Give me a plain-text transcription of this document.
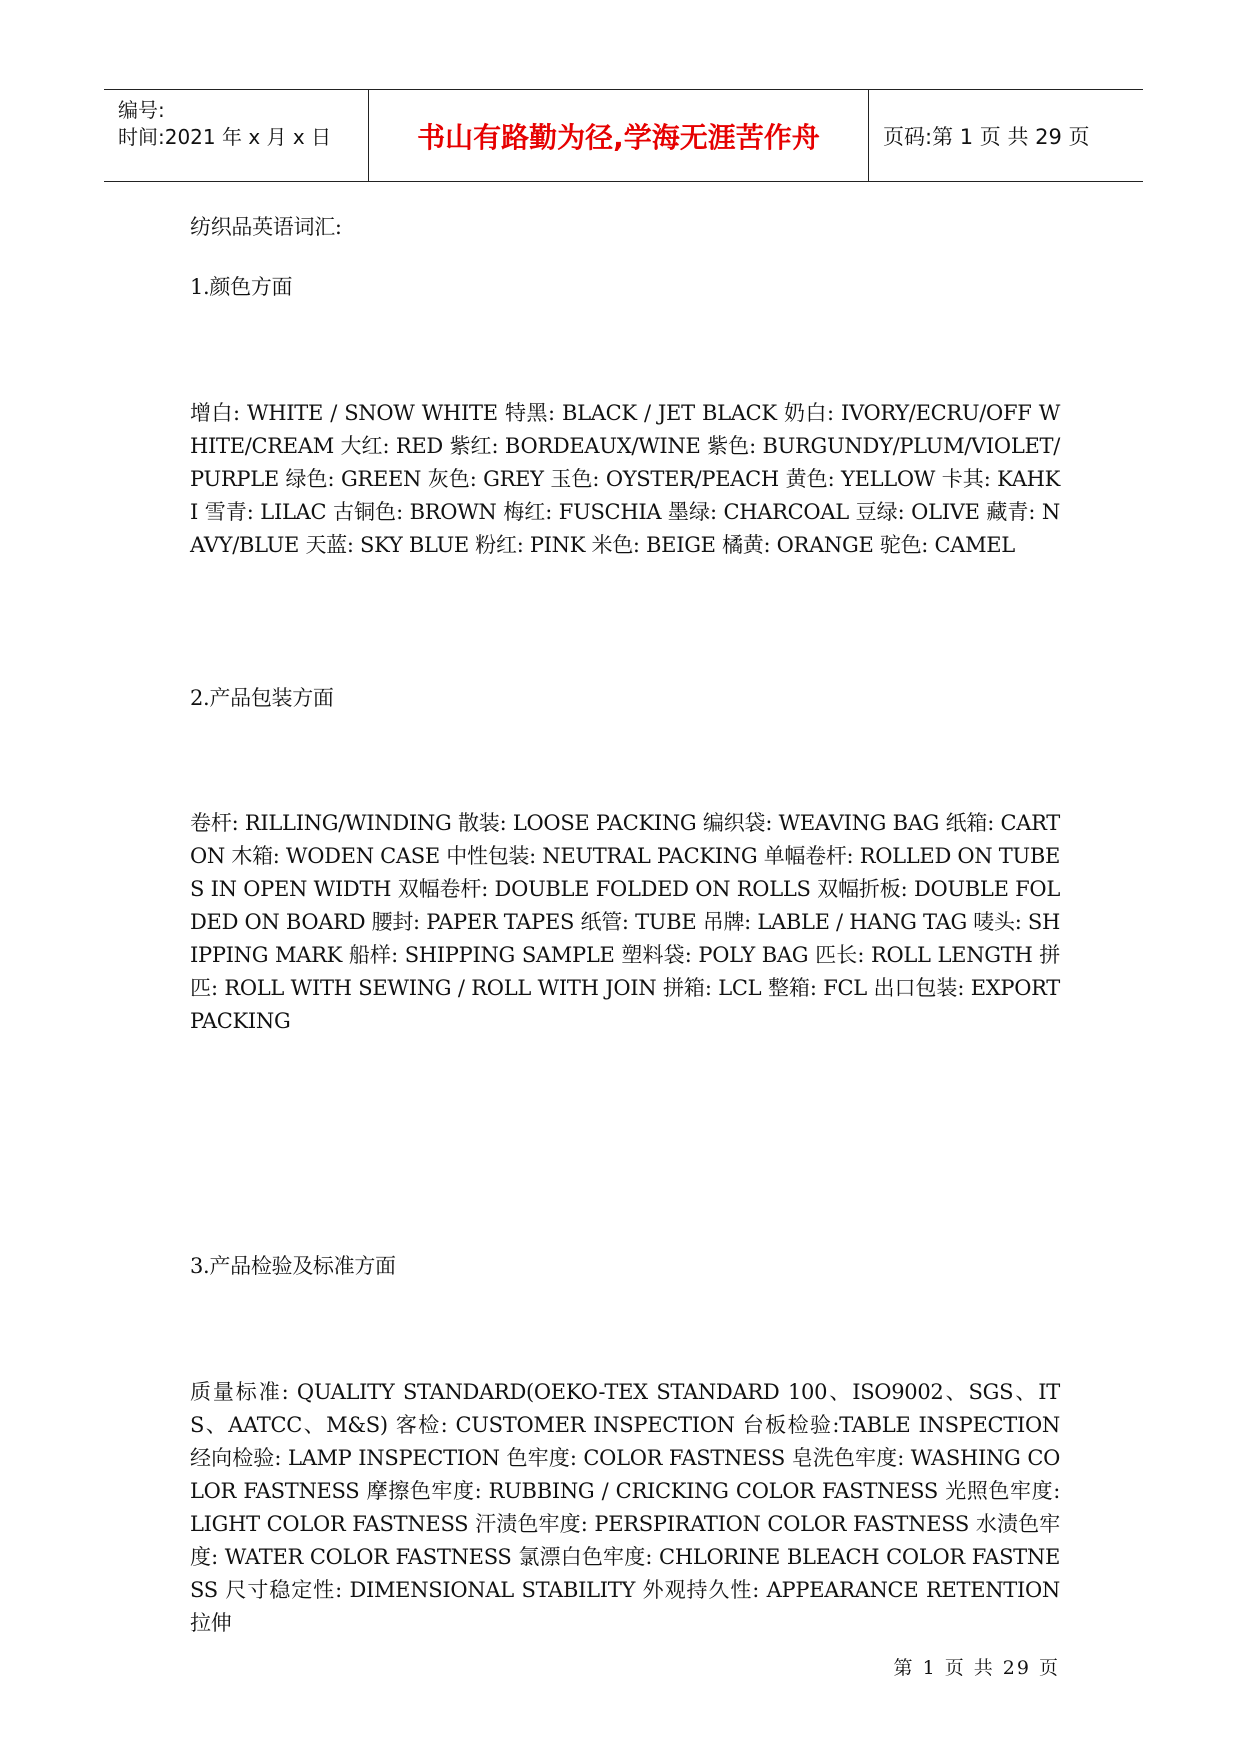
编号:
时间:2021 年 x 月 x 日	书山有路勤为径,学海无涯苦作舟	页码:第 1 页 共 29 页
纺织品英语词汇:
1.颜色方面
增白: WHITE / SNOW WHITE 特黑: BLACK / JET BLACK 奶白: IVORY/ECRU/OFF WHITE/CREAM 大红: RED 紫红: BORDEAUX/WINE 紫色: BURGUNDY/PLUM/VIOLET/PURPLE 绿色: GREEN 灰色: GREY 玉色: OYSTER/PEACH 黄色: YELLOW 卡其: KAHKI 雪青: LILAC 古铜色: BROWN 梅红: FUSCHIA 墨绿: CHARCOAL 豆绿: OLIVE 藏青: NAVY/BLUE 天蓝: SKY BLUE 粉红: PINK 米色: BEIGE 橘黄: ORANGE 驼色: CAMEL
2.产品包装方面
卷杆: RILLING/WINDING 散装: LOOSE PACKING 编织袋: WEAVING BAG 纸箱: CARTON 木箱: WODEN CASE 中性包装: NEUTRAL PACKING 单幅卷杆: ROLLED ON TUBES IN OPEN WIDTH 双幅卷杆: DOUBLE FOLDED ON ROLLS 双幅折板: DOUBLE FOLDED ON BOARD 腰封: PAPER TAPES 纸管: TUBE 吊牌: LABLE / HANG TAG 唛头: SHIPPING MARK 船样: SHIPPING SAMPLE 塑料袋: POLY BAG 匹长: ROLL LENGTH 拼匹: ROLL WITH SEWING / ROLL WITH JOIN 拼箱: LCL 整箱: FCL 出口包装: EXPORT PACKING
3.产品检验及标准方面
质量标准: QUALITY STANDARD(OEKO-TEX STANDARD 100、ISO9002、SGS、ITS、AATCC、M&S) 客检: CUSTOMER INSPECTION 台板检验:TABLE INSPECTION 经向检验: LAMP INSPECTION 色牢度: COLOR FASTNESS 皂洗色牢度: WASHING COLOR FASTNESS 摩擦色牢度: RUBBING / CRICKING COLOR FASTNESS 光照色牢度: LIGHT COLOR FASTNESS 汗渍色牢度: PERSPIRATION COLOR FASTNESS 水渍色牢度: WATER COLOR FASTNESS 氯漂白色牢度: CHLORINE BLEACH COLOR FASTNESS 尺寸稳定性: DIMENSIONAL STABILITY 外观持久性: APPEARANCE RETENTION 拉伸
第 1 页 共 29 页
